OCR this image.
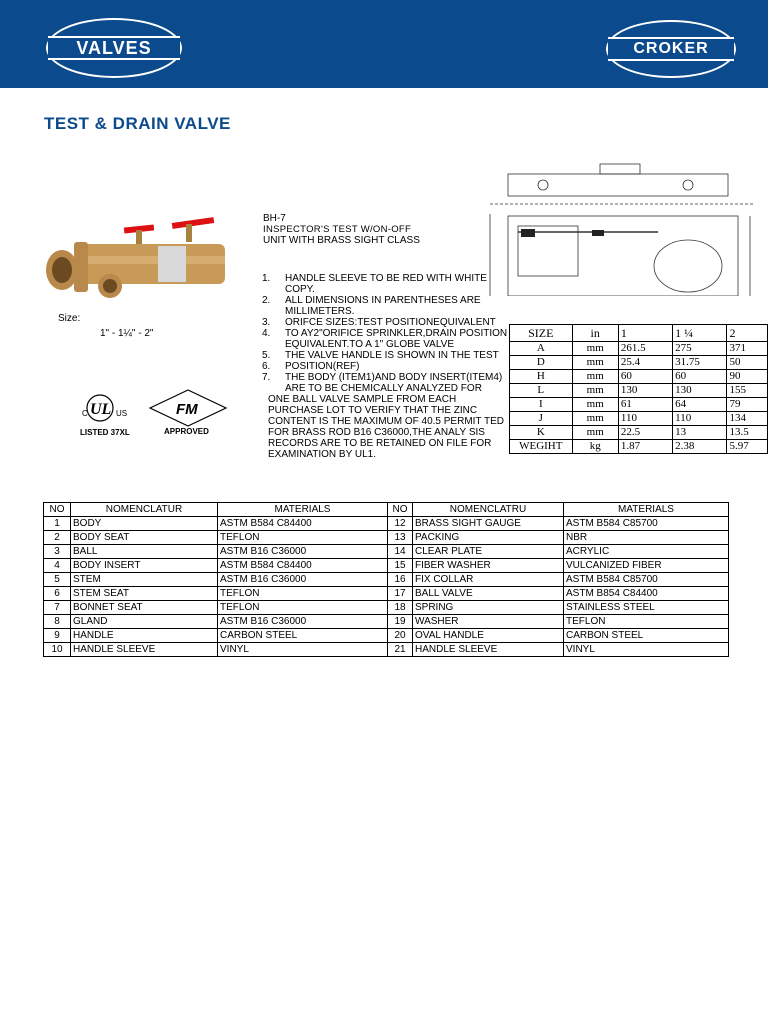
VALVES	CROKER
TEST & DRAIN VALVE
Size:
1" - 1¼" - 2"
C UL US
LISTED 37XL
FM
APPROVED
BH-7
INSPECTOR'S TEST W/ON-OFF
UNIT WITH BRASS SIGHT CLASS
1.	HANDLE SLEEVE TO BE RED WITH WHITE COPY.
2.	ALL DIMENSIONS IN PARENTHESES ARE MILLIMETERS.
3.	ORIFCE SIZES:TEST POSITIONEQUIVALENT
4.	TO AY2"ORIFICE SPRINKLER,DRAIN POSITION EQUIVALENT.TO A 1" GLOBE VALVE
5.	THE VALVE HANDLE IS SHOWN IN THE TEST
6.	POSITION(REF)
7.	THE BODY (ITEM1)AND BODY INSERT(ITEM4) ARE TO BE CHEMICALLY ANALYZED FOR
ONE BALL VALVE SAMPLE FROM EACH PURCHASE LOT TO VERIFY THAT THE ZINC CONTENT IS THE MAXIMUM OF 40.5 PERMIT TED FOR BRASS ROD B16 C36000,THE ANALY SIS RECORDS ARE TO BE RETAINED ON FILE FOR EXAMINATION BY UL1.
SIZE	in	1	1 ¼	2
A	mm	261.5	275	371
D	mm	25.4	31.75	50
H	mm	60	60	90
L	mm	130	130	155
I	mm	61	64	79
J	mm	110	110	134
K	mm	22.5	13	13.5
WEGIHT	kg	1.87	2.38	5.97
NO	NOMENCLATUR	MATERIALS	NO	NOMENCLATRU	MATERIALS
1	BODY	ASTM B584 C84400	12	BRASS SIGHT GAUGE	ASTM B584 C85700
2	BODY SEAT	TEFLON	13	PACKING	NBR
3	BALL	ASTM B16 C36000	14	CLEAR PLATE	ACRYLIC
4	BODY INSERT	ASTM B584 C84400	15	FIBER WASHER	VULCANIZED FIBER
5	STEM	ASTM B16 C36000	16	FIX COLLAR	ASTM B584 C85700
6	STEM SEAT	TEFLON	17	BALL VALVE	ASTM B854 C84400
7	BONNET SEAT	TEFLON	18	SPRING	STAINLESS STEEL
8	GLAND	ASTM B16 C36000	19	WASHER	TEFLON
9	HANDLE	CARBON STEEL	20	OVAL HANDLE	CARBON STEEL
10	HANDLE SLEEVE	VINYL	21	HANDLE SLEEVE	VINYL
